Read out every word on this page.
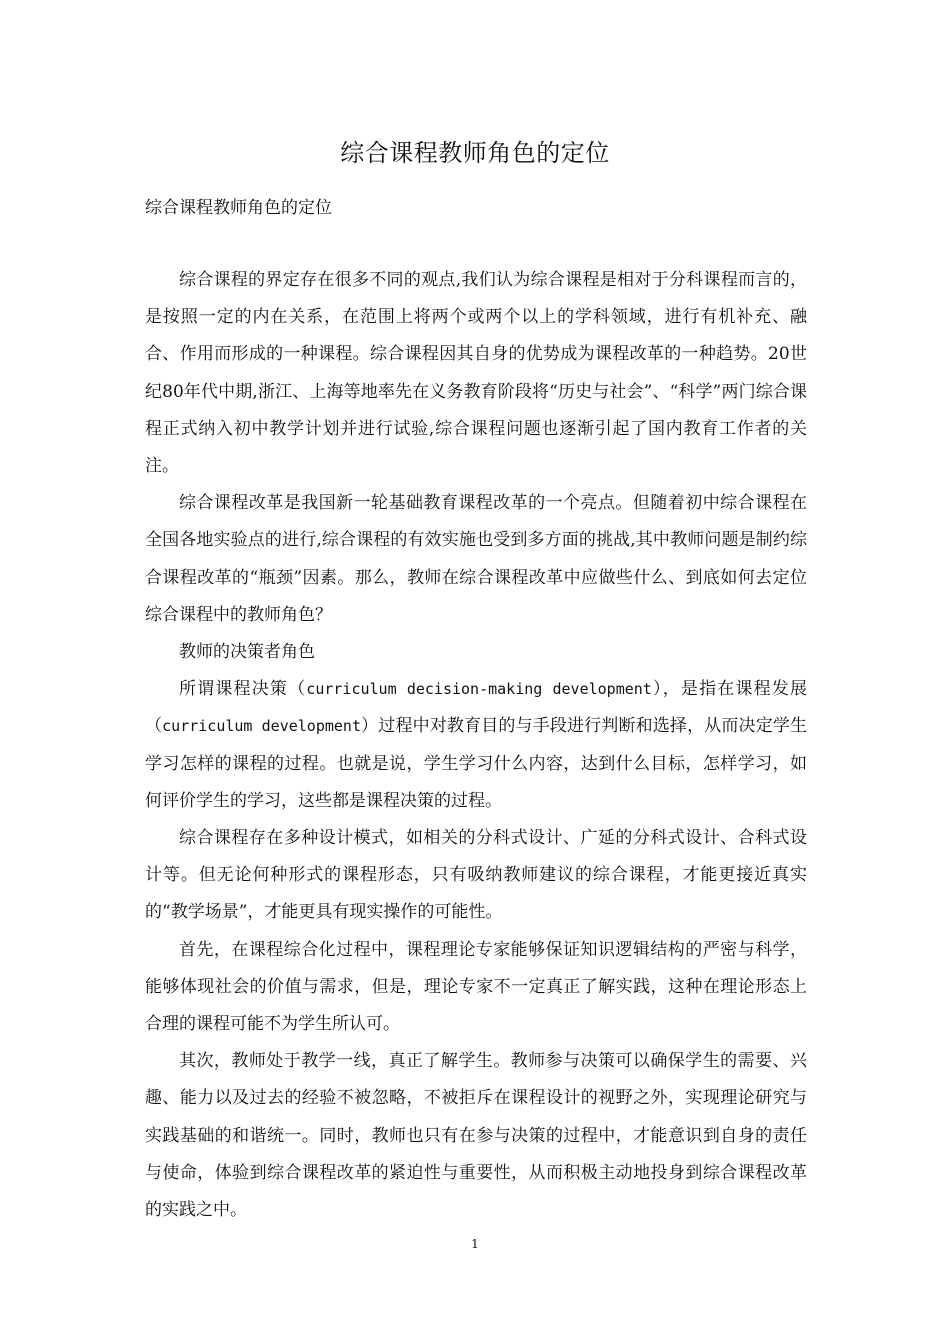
综合课程教师角色的定位
综合课程教师角色的定位

综合课程的界定存在很多不同的观点,我们认为综合课程是相对于分科课程而言的，是按照一定的内在关系，在范围上将两个或两个以上的学科领域，进行有机补充、融合、作用而形成的一种课程。综合课程因其自身的优势成为课程改革的一种趋势。20世纪80年代中期,浙江、上海等地率先在义务教育阶段将“历史与社会”、“科学”两门综合课程正式纳入初中教学计划并进行试验,综合课程问题也逐渐引起了国内教育工作者的关注。

综合课程改革是我国新一轮基础教育课程改革的一个亮点。但随着初中综合课程在全国各地实验点的进行,综合课程的有效实施也受到多方面的挑战,其中教师问题是制约综合课程改革的“瓶颈”因素。那么，教师在综合课程改革中应做些什么、到底如何去定位综合课程中的教师角色？

教师的决策者角色

所谓课程决策（curriculum decision-making development），是指在课程发展（curriculum development）过程中对教育目的与手段进行判断和选择，从而决定学生学习怎样的课程的过程。也就是说，学生学习什么内容，达到什么目标，怎样学习，如何评价学生的学习，这些都是课程决策的过程。

综合课程存在多种设计模式，如相关的分科式设计、广延的分科式设计、合科式设计等。但无论何种形式的课程形态，只有吸纳教师建议的综合课程，才能更接近真实的“教学场景”，才能更具有现实操作的可能性。

首先，在课程综合化过程中，课程理论专家能够保证知识逻辑结构的严密与科学，能够体现社会的价值与需求，但是，理论专家不一定真正了解实践，这种在理论形态上合理的课程可能不为学生所认可。

其次，教师处于教学一线，真正了解学生。教师参与决策可以确保学生的需要、兴趣、能力以及过去的经验不被忽略，不被拒斥在课程设计的视野之外，实现理论研究与实践基础的和谐统一。同时，教师也只有在参与决策的过程中，才能意识到自身的责任与使命，体验到综合课程改革的紧迫性与重要性，从而积极主动地投身到综合课程改革的实践之中。

1
